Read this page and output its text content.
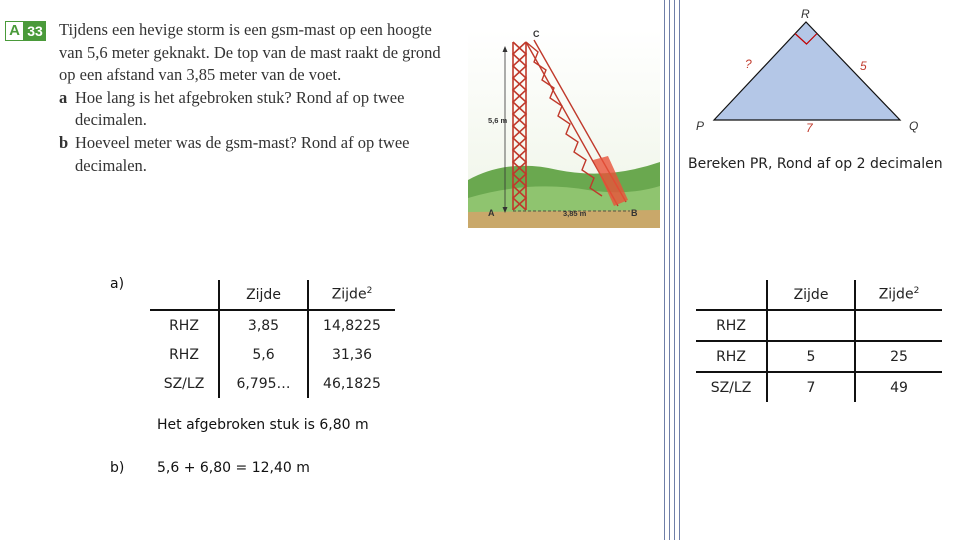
A 33 Tijdens een hevige storm is een gsm-mast op een hoogte van 5,6 meter geknakt. De top van de mast raakt de grond op een afstand van 3,85 meter van de voet.

a Hoe lang is het afgebroken stuk? Rond af op twee decimalen.
b Hoeveel meter was de gsm-mast? Rond af op twee decimalen.
C
5,6 m
A	B
3,85 m
R
P	Q
?	5
7
Bereken PR, Rond af op 2 decimalen
a)
	Zijde	Zijde$^2$
RHZ	3,85	14,8225
RHZ	5,6	31,36
SZ/LZ	6,795…	46,1825
Het afgebroken stuk is 6,80 m
b) 5,6 + 6,80 = 12,40 m
	Zijde	Zijde$^2$
RHZ		
RHZ	5	25
SZ/LZ	7	49
